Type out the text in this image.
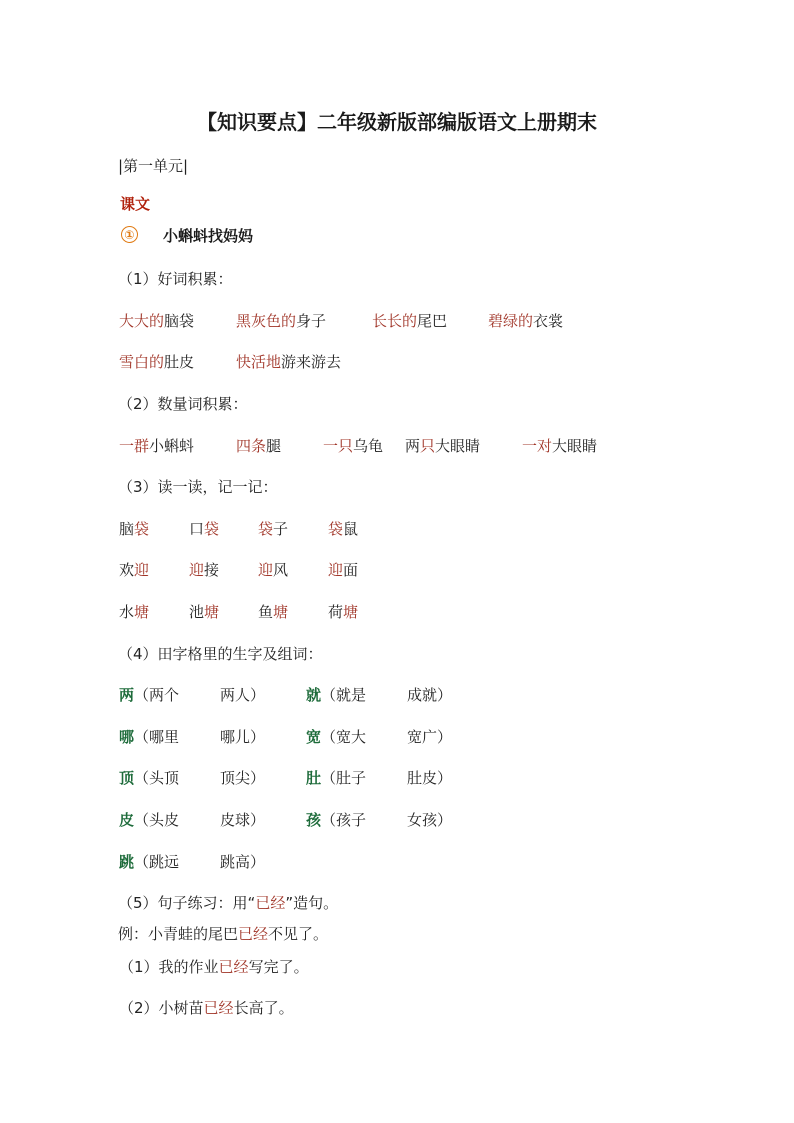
【知识要点】二年级新版部编版语文上册期末
|第一单元|
课文
① 小蝌蚪找妈妈
（1）好词积累：
大大的脑袋	黑灰色的身子	长长的尾巴	碧绿的衣裳
雪白的肚皮	快活地游来游去
（2）数量词积累：
一群小蝌蚪	四条腿	一只乌龟 两只大眼睛	一对大眼睛
（3）读一读，记一记：
脑袋	口袋	袋子	袋鼠
欢迎	迎接	迎风	迎面
水塘	池塘	鱼塘	荷塘
（4）田字格里的生字及组词：
两（两个	两人）	就（就是	成就）
哪（哪里	哪儿）	宽（宽大	宽广）
顶（头顶	顶尖）	肚（肚子	肚皮）
皮（头皮	皮球）	孩（孩子	女孩）
跳（跳远	跳高）
（5）句子练习：用“已经”造句。
例：小青蛙的尾巴已经不见了。
（1）我的作业已经写完了。
（2）小树苗已经长高了。
